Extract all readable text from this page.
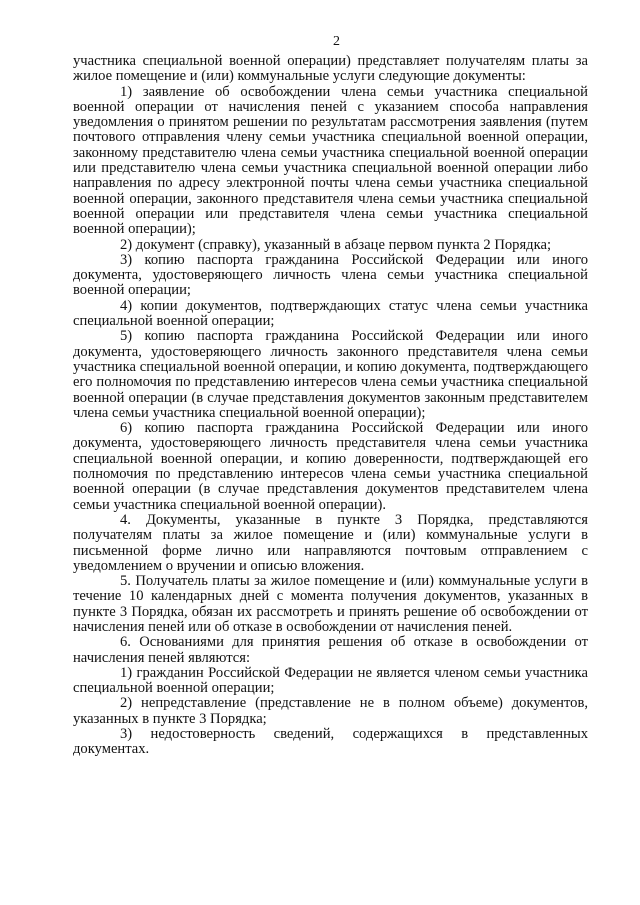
2

участника специальной военной операции) представляет получателям платы за жилое помещение и (или) коммунальные услуги следующие документы:

1) заявление об освобождении члена семьи участника специальной военной операции от начисления пеней с указанием способа направления уведомления о принятом решении по результатам рассмотрения заявления (путем почтового отправления члену семьи участника специальной военной операции, законному представителю члена семьи участника специальной военной операции или представителю члена семьи участника специальной военной операции либо направления по адресу электронной почты члена семьи участника специальной военной операции, законного представителя члена семьи участника специальной военной операции или представителя члена семьи участника специальной военной операции);

2) документ (справку), указанный в абзаце первом пункта 2 Порядка;

3) копию паспорта гражданина Российской Федерации или иного документа, удостоверяющего личность члена семьи участника специальной военной операции;

4) копии документов, подтверждающих статус члена семьи участника специальной военной операции;

5) копию паспорта гражданина Российской Федерации или иного документа, удостоверяющего личность законного представителя члена семьи участника специальной военной операции, и копию документа, подтверждающего его полномочия по представлению интересов члена семьи участника специальной военной операции (в случае представления документов законным представителем члена семьи участника специальной военной операции);

6) копию паспорта гражданина Российской Федерации или иного документа, удостоверяющего личность представителя члена семьи участника специальной военной операции, и копию доверенности, подтверждающей его полномочия по представлению интересов члена семьи участника специальной военной операции (в случае представления документов представителем члена семьи участника специальной военной операции).

4. Документы, указанные в пункте 3 Порядка, представляются получателям платы за жилое помещение и (или) коммунальные услуги в письменной форме лично или направляются почтовым отправлением с уведомлением о вручении и описью вложения.

5. Получатель платы за жилое помещение и (или) коммунальные услуги в течение 10 календарных дней с момента получения документов, указанных в пункте 3 Порядка, обязан их рассмотреть и принять решение об освобождении от начисления пеней или об отказе в освобождении от начисления пеней.

6. Основаниями для принятия решения об отказе в освобождении от начисления пеней являются:

1) гражданин Российской Федерации не является членом семьи участника специальной военной операции;

2) непредставление (представление не в полном объеме) документов, указанных в пункте 3 Порядка;

3) недостоверность сведений, содержащихся в представленных документах.
